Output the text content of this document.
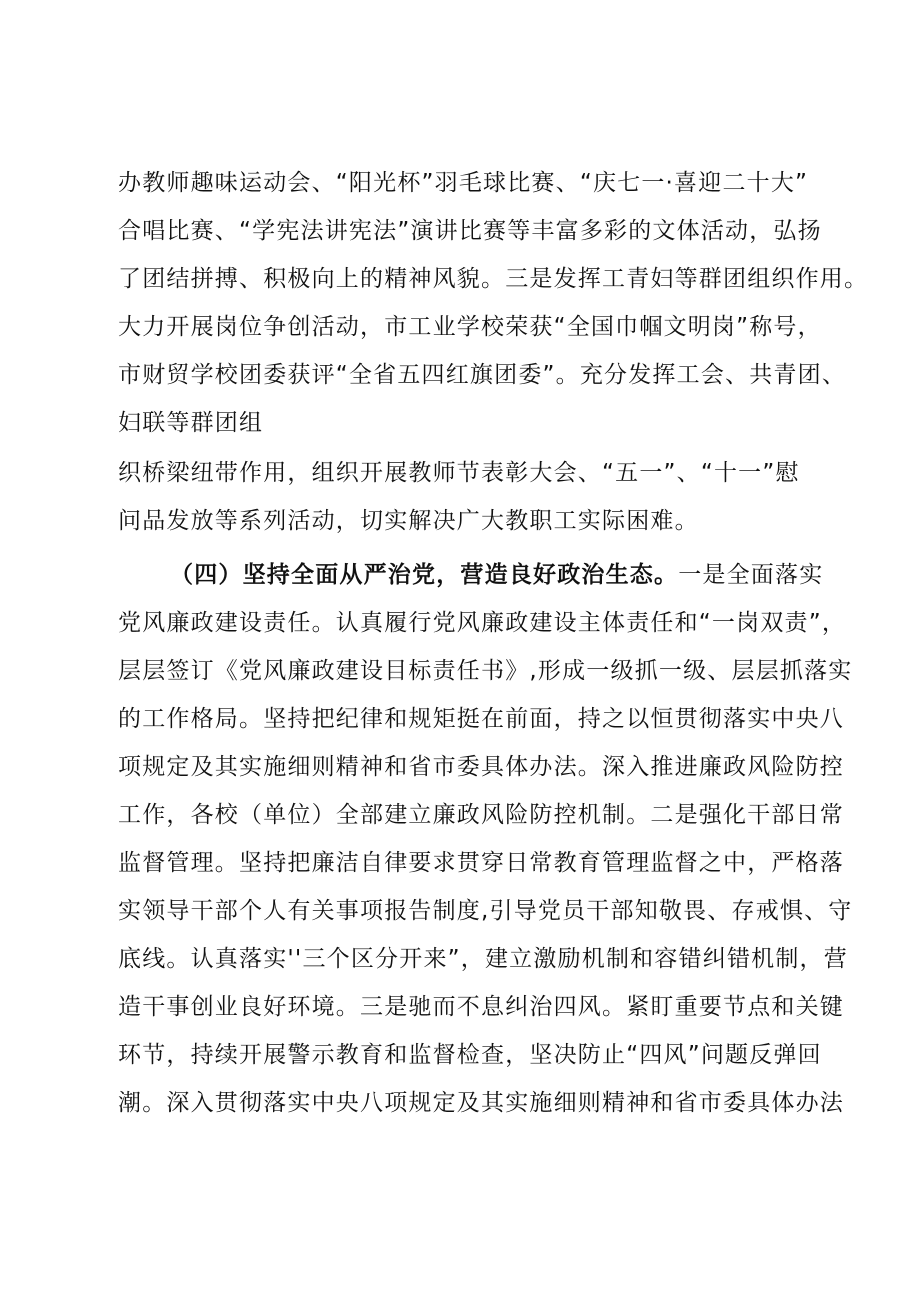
办教师趣味运动会、“阳光杯”羽毛球比赛、“庆七一·喜迎二十大”
合唱比赛、“学宪法讲宪法”演讲比赛等丰富多彩的文体活动，弘扬
了团结拼搏、积极向上的精神风貌。三是发挥工青妇等群团组织作用。
大力开展岗位争创活动，市工业学校荣获“全国巾帼文明岗”称号，
市财贸学校团委获评“全省五四红旗团委”。充分发挥工会、共青团、
妇联等群团组
织桥梁纽带作用，组织开展教师节表彰大会、“五一”、“十一”慰
问品发放等系列活动，切实解决广大教职工实际困难。
（四）坚持全面从严治党，营造良好政治生态。一是全面落实
党风廉政建设责任。认真履行党风廉政建设主体责任和“一岗双责”，
层层签订《党风廉政建设目标责任书》,形成一级抓一级、层层抓落实
的工作格局。坚持把纪律和规矩挺在前面，持之以恒贯彻落实中央八
项规定及其实施细则精神和省市委具体办法。深入推进廉政风险防控
工作，各校（单位）全部建立廉政风险防控机制。二是强化干部日常
监督管理。坚持把廉洁自律要求贯穿日常教育管理监督之中，严格落
实领导干部个人有关事项报告制度,引导党员干部知敬畏、存戒惧、守
底线。认真落实''三个区分开来”，建立激励机制和容错纠错机制，营
造干事创业良好环境。三是驰而不息纠治四风。紧盯重要节点和关键
环节，持续开展警示教育和监督检查，坚决防止“四风”问题反弹回
潮。深入贯彻落实中央八项规定及其实施细则精神和省市委具体办法
